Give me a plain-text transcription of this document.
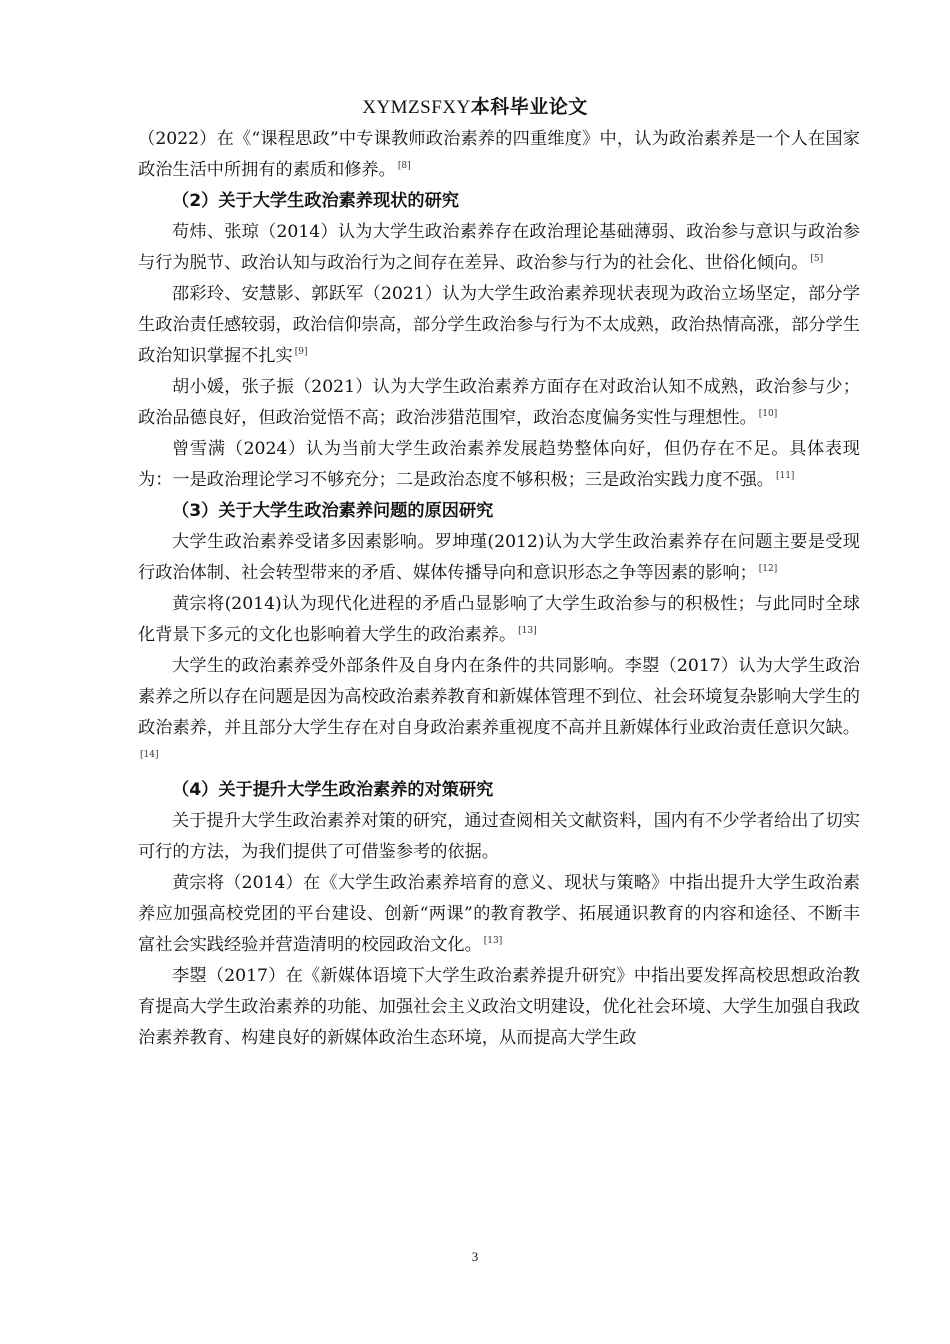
XYMZSFXY本科毕业论文

（2022）在《“课程思政”中专课教师政治素养的四重维度》中，认为政治素养是一个人在国家政治生活中所拥有的素质和修养。 [8]

（2）关于大学生政治素养现状的研究

苟炜、张琼（2014）认为大学生政治素养存在政治理论基础薄弱、政治参与意识与政治参与行为脱节、政治认知与政治行为之间存在差异、政治参与行为的社会化、世俗化倾向。 [5]

邵彩玲、安慧影、郭跃军（2021）认为大学生政治素养现状表现为政治立场坚定，部分学生政治责任感较弱，政治信仰崇高，部分学生政治参与行为不太成熟，政治热情高涨，部分学生政治知识掌握不扎实 [9]

胡小媛，张子振（2021）认为大学生政治素养方面存在对政治认知不成熟，政治参与少；政治品德良好，但政治觉悟不高；政治涉猎范围窄，政治态度偏务实性与理想性。 [10]

曾雪满（2024）认为当前大学生政治素养发展趋势整体向好，但仍存在不足。具体表现为：一是政治理论学习不够充分；二是政治态度不够积极；三是政治实践力度不强。 [11]

（3）关于大学生政治素养问题的原因研究

大学生政治素养受诸多因素影响。罗坤瑾(2012)认为大学生政治素养存在问题主要是受现行政治体制、社会转型带来的矛盾、媒体传播导向和意识形态之争等因素的影响； [12]

黄宗将(2014)认为现代化进程的矛盾凸显影响了大学生政治参与的积极性；与此同时全球化背景下多元的文化也影响着大学生的政治素养。 [13]

大学生的政治素养受外部条件及自身内在条件的共同影响。李曌（2017）认为大学生政治素养之所以存在问题是因为高校政治素养教育和新媒体管理不到位、社会环境复杂影响大学生的政治素养，并且部分大学生存在对自身政治素养重视度不高并且新媒体行业政治责任意识欠缺。[14]

（4）关于提升大学生政治素养的对策研究

关于提升大学生政治素养对策的研究，通过查阅相关文献资料，国内有不少学者给出了切实可行的方法，为我们提供了可借鉴参考的依据。

黄宗将（2014）在《大学生政治素养培育的意义、现状与策略》中指出提升大学生政治素养应加强高校党团的平台建设、创新“两课”的教育教学、拓展通识教育的内容和途径、不断丰富社会实践经验并营造清明的校园政治文化。 [13]

李曌（2017）在《新媒体语境下大学生政治素养提升研究》中指出要发挥高校思想政治教育提高大学生政治素养的功能、加强社会主义政治文明建设，优化社会环境、大学生加强自我政治素养教育、构建良好的新媒体政治生态环境，从而提高大学生政

3
